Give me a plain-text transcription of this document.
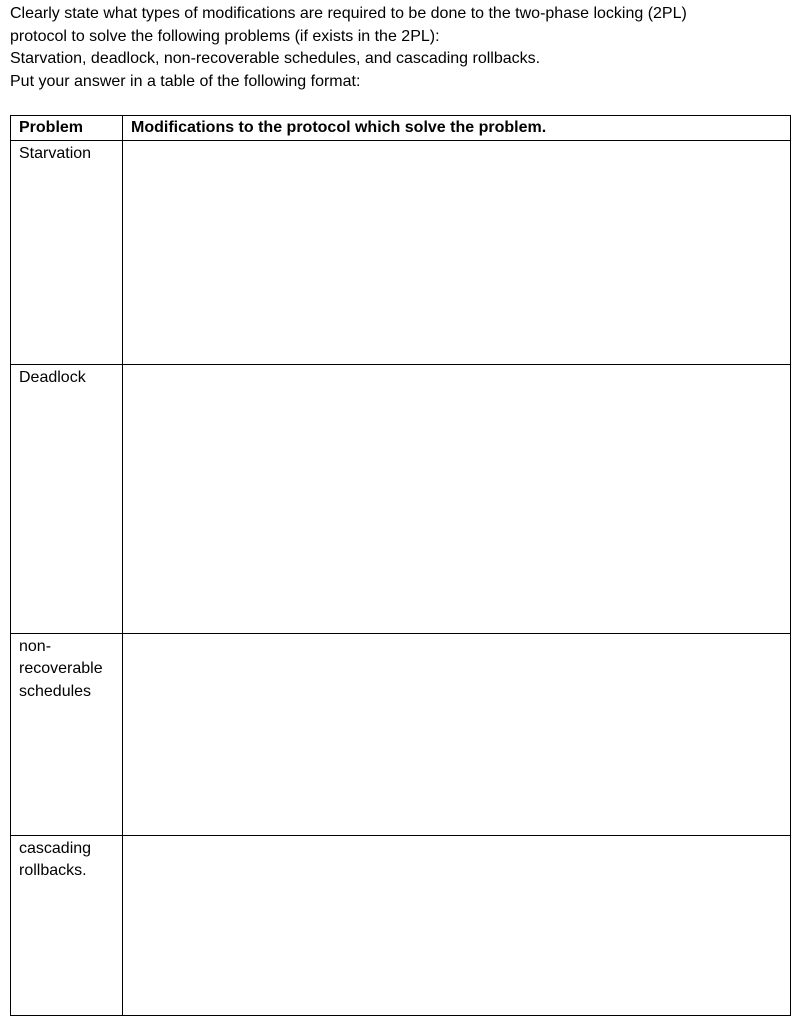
Clearly state what types of modifications are required to be done to the two-phase locking (2PL)
protocol to solve the following problems (if exists in the 2PL):
Starvation, deadlock, non-recoverable schedules, and cascading rollbacks.
Put your answer in a table of the following format:
Problem	Modifications to the protocol which solve the problem.

Starvation	

Deadlock	

non-recoverable schedules	

cascading rollbacks.	
